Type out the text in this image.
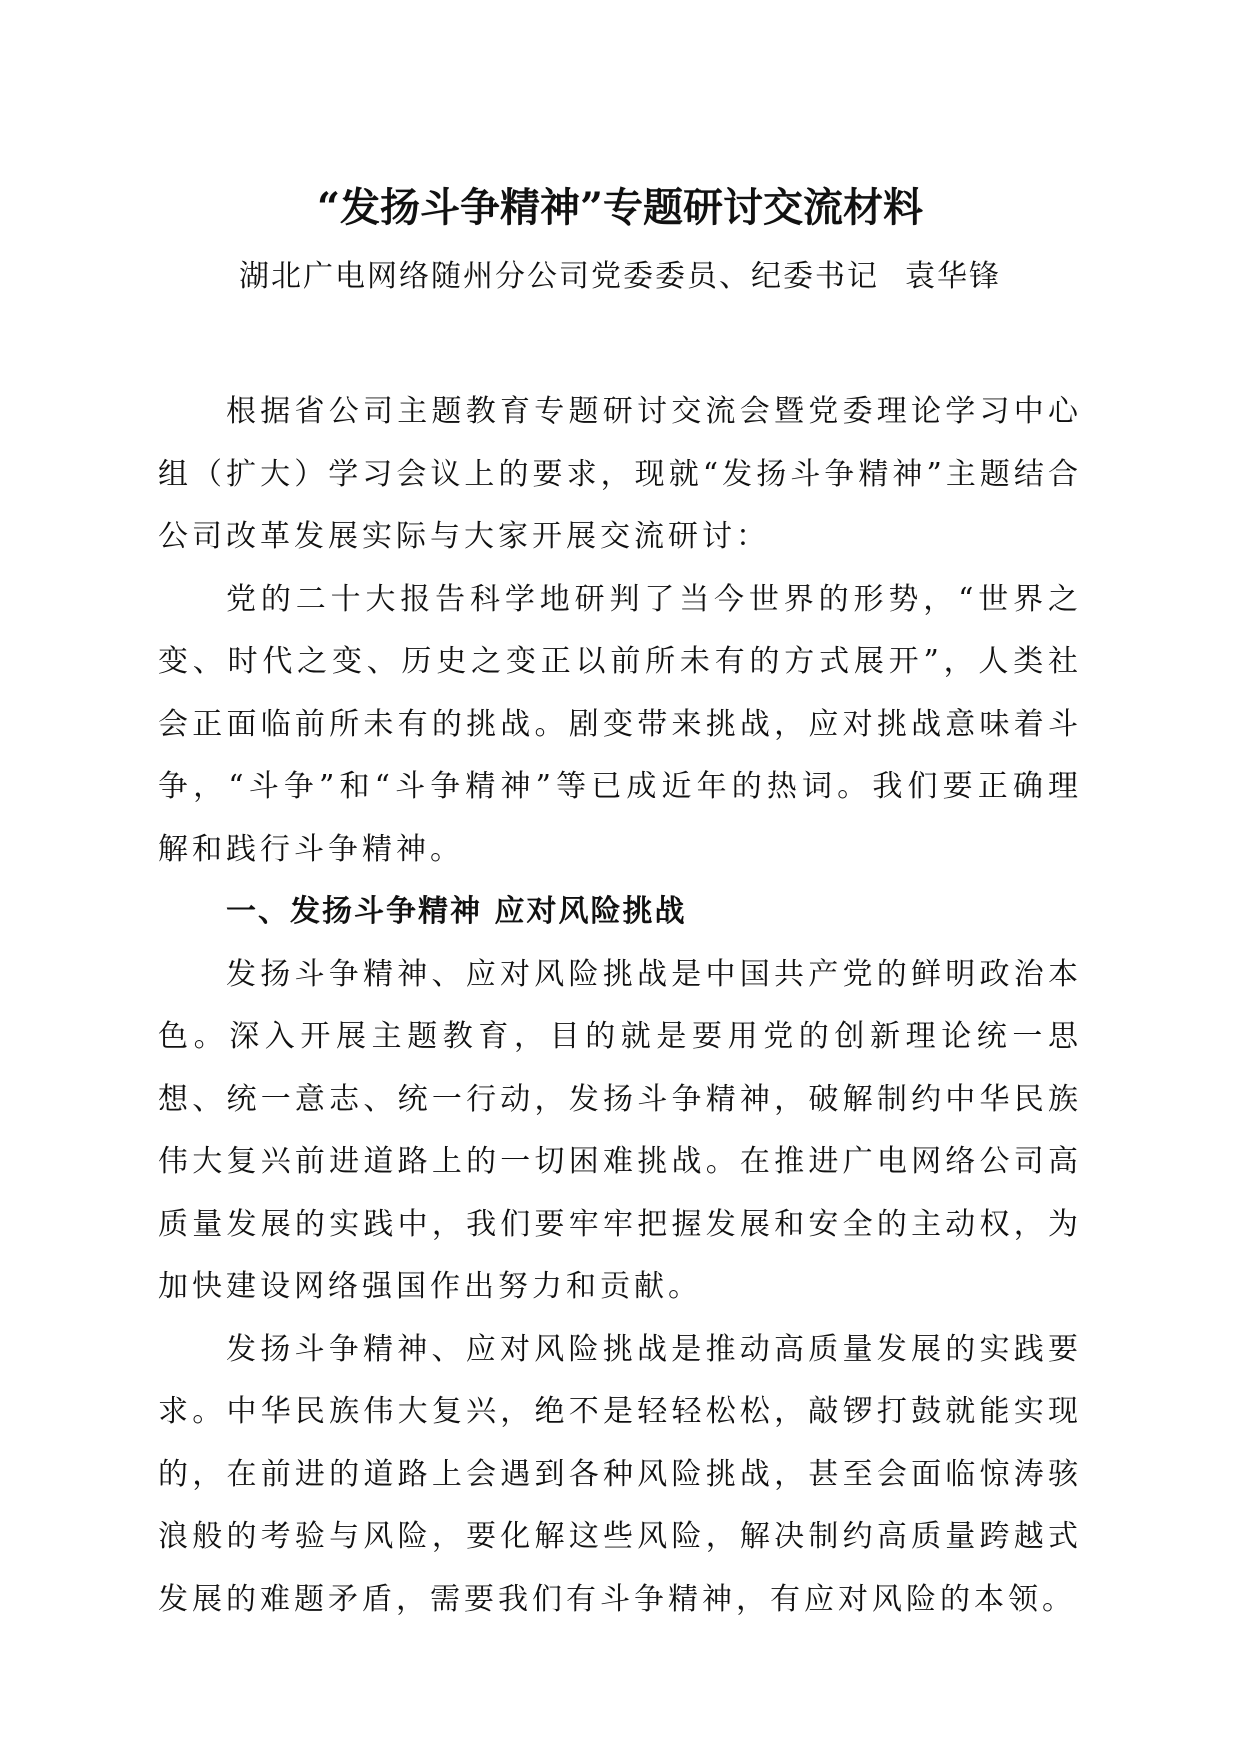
“发扬斗争精神”专题研讨交流材料

湖北广电网络随州分公司党委委员、纪委书记 袁华锋

根据省公司主题教育专题研讨交流会暨党委理论学习中心组（扩大）学习会议上的要求，现就“发扬斗争精神”主题结合公司改革发展实际与大家开展交流研讨：

党的二十大报告科学地研判了当今世界的形势，“世界之变、时代之变、历史之变正以前所未有的方式展开”，人类社会正面临前所未有的挑战。剧变带来挑战，应对挑战意味着斗争，“斗争”和“斗争精神”等已成近年的热词。我们要正确理解和践行斗争精神。

一、发扬斗争精神 应对风险挑战

发扬斗争精神、应对风险挑战是中国共产党的鲜明政治本色。深入开展主题教育，目的就是要用党的创新理论统一思想、统一意志、统一行动，发扬斗争精神，破解制约中华民族伟大复兴前进道路上的一切困难挑战。在推进广电网络公司高质量发展的实践中，我们要牢牢把握发展和安全的主动权，为加快建设网络强国作出努力和贡献。

发扬斗争精神、应对风险挑战是推动高质量发展的实践要求。中华民族伟大复兴，绝不是轻轻松松，敲锣打鼓就能实现的，在前进的道路上会遇到各种风险挑战，甚至会面临惊涛骇浪般的考验与风险，要化解这些风险，解决制约高质量跨越式发展的难题矛盾，需要我们有斗争精神，有应对风险的本领。
